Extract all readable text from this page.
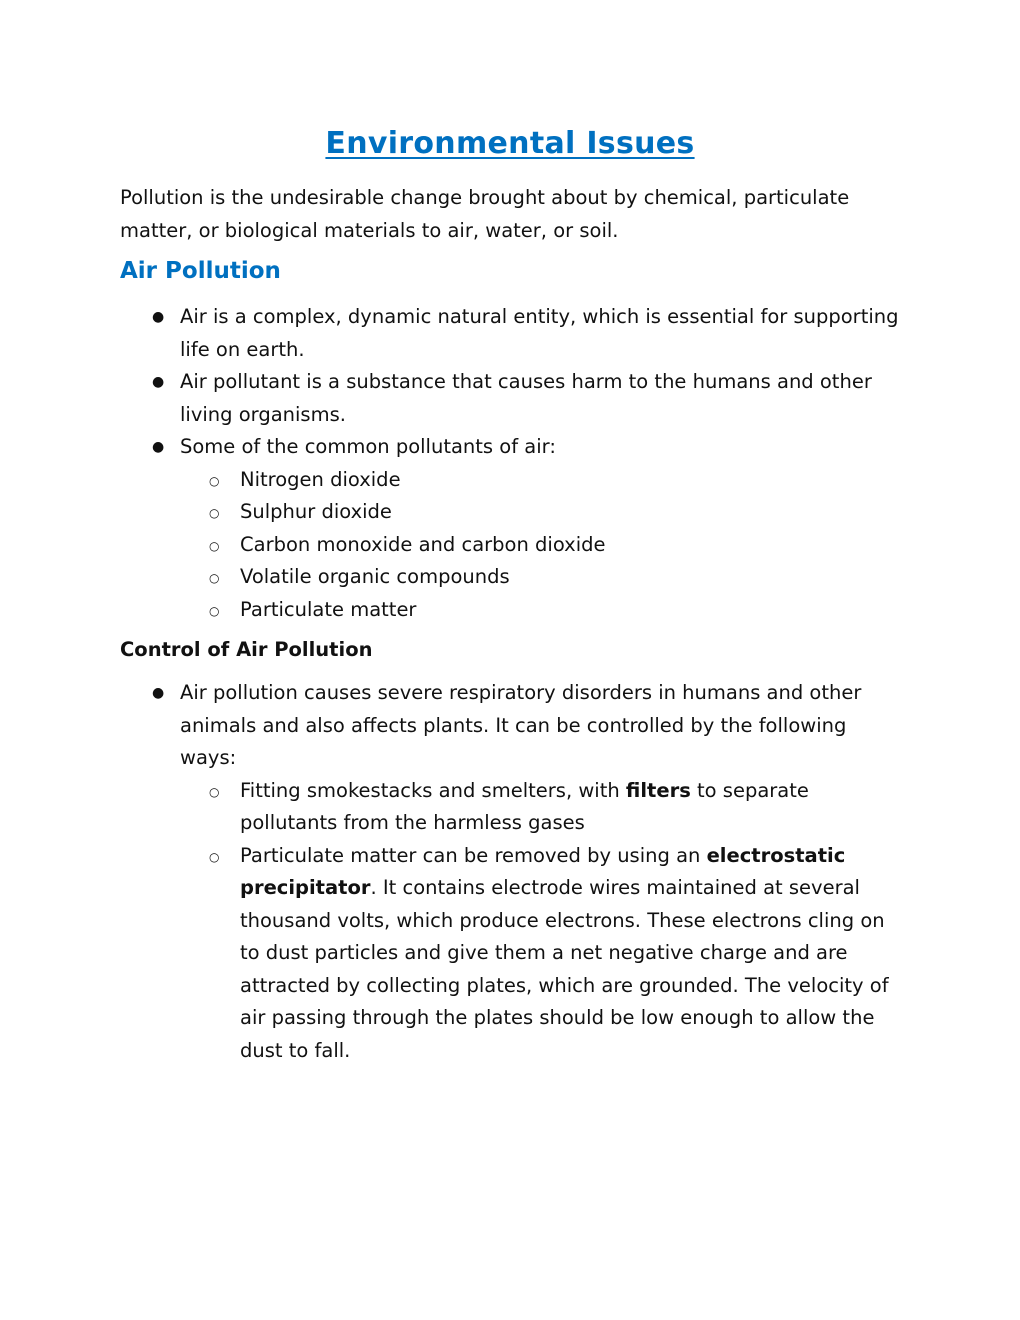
Environmental Issues
Pollution is the undesirable change brought about by chemical, particulate matter, or biological materials to air, water, or soil.
Air Pollution
● Air is a complex, dynamic natural entity, which is essential for supporting life on earth.
● Air pollutant is a substance that causes harm to the humans and other living organisms.
● Some of the common pollutants of air:
○ Nitrogen dioxide
○ Sulphur dioxide
○ Carbon monoxide and carbon dioxide
○ Volatile organic compounds
○ Particulate matter
Control of Air Pollution
● Air pollution causes severe respiratory disorders in humans and other animals and also affects plants. It can be controlled by the following ways:
○ Fitting smokestacks and smelters, with filters to separate pollutants from the harmless gases
○ Particulate matter can be removed by using an electrostatic precipitator. It contains electrode wires maintained at several thousand volts, which produce electrons. These electrons cling on to dust particles and give them a net negative charge and are attracted by collecting plates, which are grounded. The velocity of air passing through the plates should be low enough to allow the dust to fall.
